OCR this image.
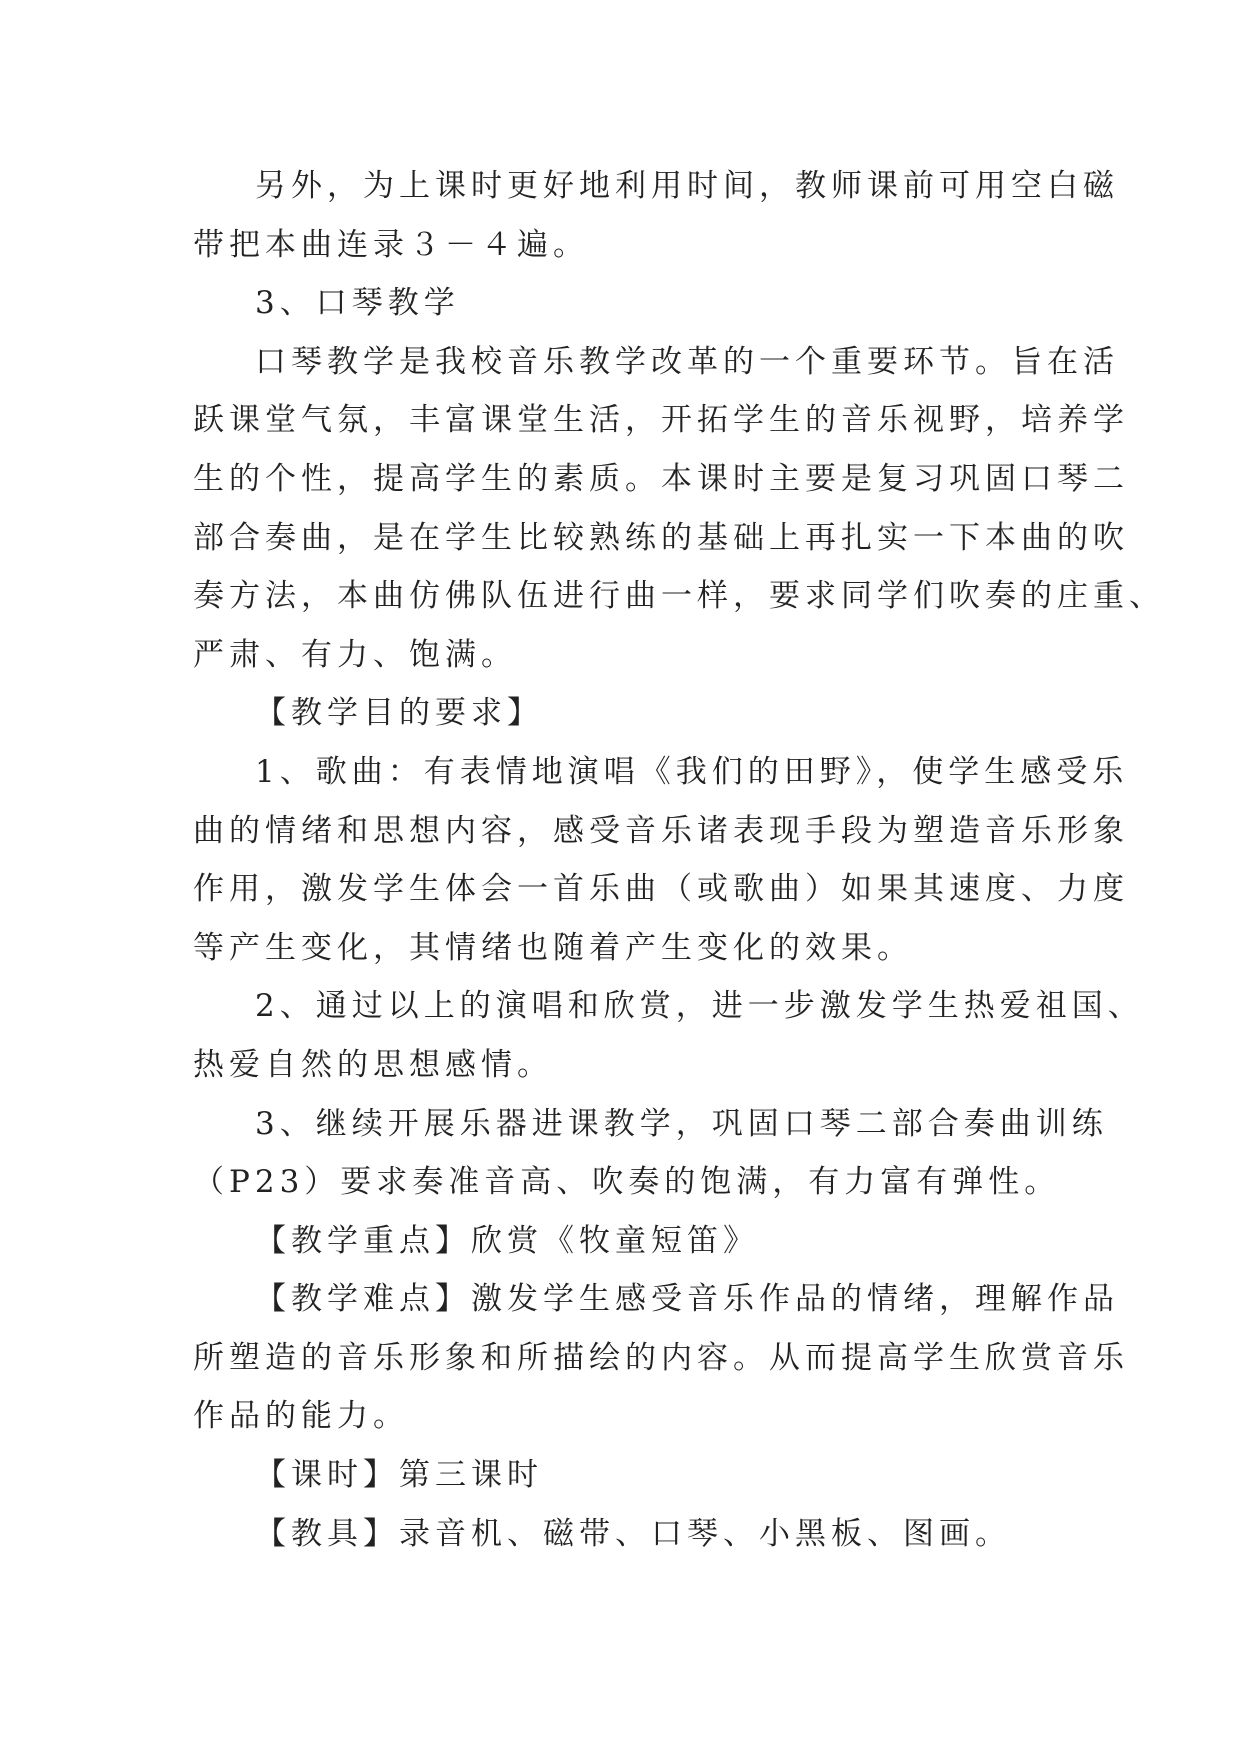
另外，为上课时更好地利用时间，教师课前可用空白磁
带把本曲连录３－４遍。
3、口琴教学
口琴教学是我校音乐教学改革的一个重要环节。旨在活
跃课堂气氛，丰富课堂生活，开拓学生的音乐视野，培养学
生的个性，提高学生的素质。本课时主要是复习巩固口琴二
部合奏曲，是在学生比较熟练的基础上再扎实一下本曲的吹
奏方法，本曲仿佛队伍进行曲一样，要求同学们吹奏的庄重、
严肃、有力、饱满。
【教学目的要求】
1、歌曲：有表情地演唱《我们的田野》，使学生感受乐
曲的情绪和思想内容，感受音乐诸表现手段为塑造音乐形象
作用，激发学生体会一首乐曲（或歌曲）如果其速度、力度
等产生变化，其情绪也随着产生变化的效果。
2、通过以上的演唱和欣赏，进一步激发学生热爱祖国、
热爱自然的思想感情。
3、继续开展乐器进课教学，巩固口琴二部合奏曲训练
（P23）要求奏准音高、吹奏的饱满，有力富有弹性。
【教学重点】欣赏《牧童短笛》
【教学难点】激发学生感受音乐作品的情绪，理解作品
所塑造的音乐形象和所描绘的内容。从而提高学生欣赏音乐
作品的能力。
【课时】第三课时
【教具】录音机、磁带、口琴、小黑板、图画。
